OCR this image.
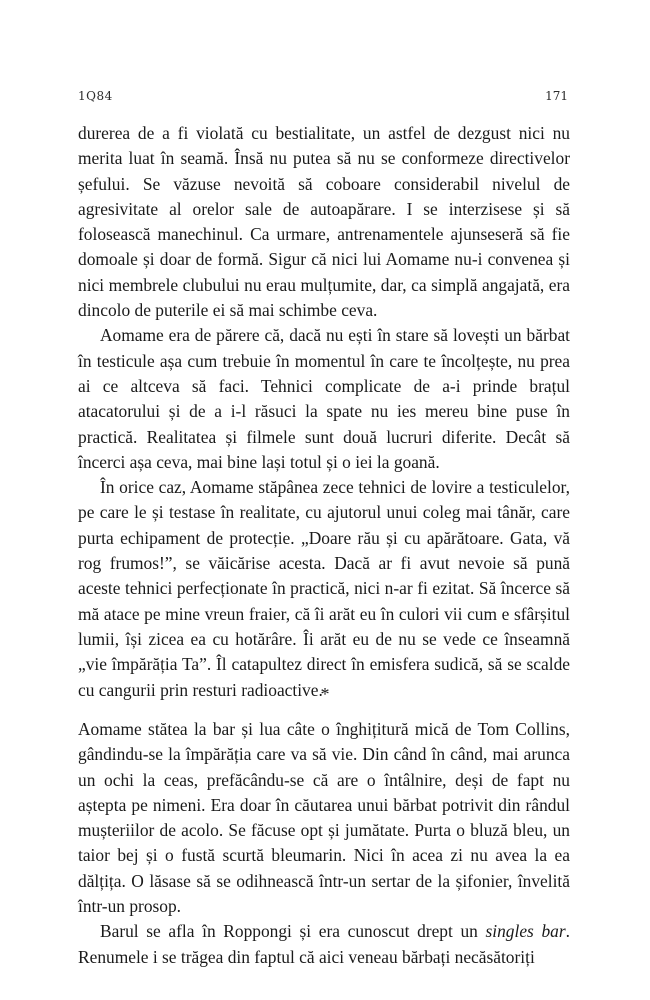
1Q84	171

durerea de a fi violată cu bestialitate, un astfel de dezgust nici nu merita luat în seamă. Însă nu putea să nu se conformeze directivelor șefului. Se văzuse nevoită să coboare considerabil nivelul de agresivitate al orelor sale de autoapărare. I se interzisese și să folosească manechinul. Ca urmare, antrenamentele ajunseseră să fie domoale și doar de formă. Sigur că nici lui Aomame nu-i convenea și nici membrele clubului nu erau mulțumite, dar, ca simplă angajată, era dincolo de puterile ei să mai schimbe ceva.

Aomame era de părere că, dacă nu ești în stare să lovești un bărbat în testicule așa cum trebuie în momentul în care te încolțește, nu prea ai ce altceva să faci. Tehnici complicate de a-i prinde brațul atacatorului și de a i-l răsuci la spate nu ies mereu bine puse în practică. Realitatea și filmele sunt două lucruri diferite. Decât să încerci așa ceva, mai bine lași totul și o iei la goană.

În orice caz, Aomame stăpânea zece tehnici de lovire a testiculelor, pe care le și testase în realitate, cu ajutorul unui coleg mai tânăr, care purta echipament de protecție. „Doare rău și cu apărătoare. Gata, vă rog frumos!”, se văicărise acesta. Dacă ar fi avut nevoie să pună aceste tehnici perfecționate în practică, nici n-ar fi ezitat. Să încerce să mă atace pe mine vreun fraier, că îi arăt eu în culori vii cum e sfârșitul lumii, își zicea ea cu hotărâre. Îi arăt eu de nu se vede ce înseamnă „vie împărăția Ta”. Îl catapultez direct în emisfera sudică, să se scalde cu cangurii prin resturi radioactive.

*

Aomame stătea la bar și lua câte o înghițitură mică de Tom Collins, gândindu-se la împărăția care va să vie. Din când în când, mai arunca un ochi la ceas, prefăcându-se că are o întâlnire, deși de fapt nu aștepta pe nimeni. Era doar în căutarea unui bărbat potrivit din rândul mușteriilor de acolo. Se făcuse opt și jumătate. Purta o bluză bleu, un taior bej și o fustă scurtă bleumarin. Nici în acea zi nu avea la ea dălțița. O lăsase să se odihnească într-un sertar de la șifonier, învelită într-un prosop.

Barul se afla în Roppongi și era cunoscut drept un singles bar. Renumele i se trăgea din faptul că aici veneau bărbați necăsătoriți
